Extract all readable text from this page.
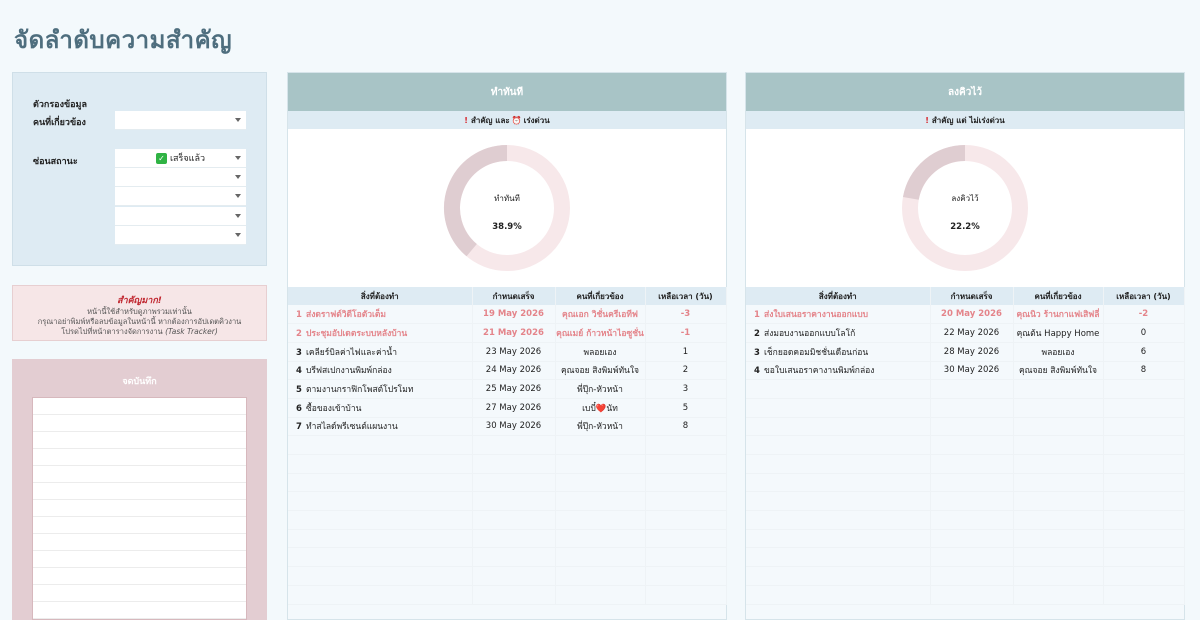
จัดลำดับความสำคัญ
ตัวกรองข้อมูล
คนที่เกี่ยวข้อง
ซ่อนสถานะ	✓ เสร็จแล้ว
สำคัญมาก!
หน้านี้ใช้สำหรับดูภาพรวมเท่านั้น
กรุณาอย่าพิมพ์หรือลบข้อมูลในหน้านี้ หากต้องการอัปเดตคิวงาน
โปรดไปที่หน้าตารางจัดการงาน (Task Tracker)
จดบันทึก
ทำทันที
! สำคัญ และ ⏰ เร่งด่วน
ทำทันที
38.9%
สิ่งที่ต้องทำ	กำหนดเสร็จ	คนที่เกี่ยวข้อง	เหลือเวลา (วัน)
1 ส่งดราฟต์วิดีโอตัวเต็ม	19 May 2026	คุณเอก วิชั่นครีเอทีฟ	-3
2 ประชุมอัปเดตระบบหลังบ้าน	21 May 2026	คุณเมย์ ก้าวหน้าไอซูชั่น	-1
3 เคลียร์บิลค่าไฟและค่าน้ำ	23 May 2026	พลอยเอง	1
4 บรีฟสเปกงานพิมพ์กล่อง	24 May 2026	คุณจอย สิงพิมพ์ทันใจ	2
5 ตามงานกราฟิกโพสต์โปรโมท	25 May 2026	พี่ปุ๊ก-หัวหน้า	3
6 ซื้อของเข้าบ้าน	27 May 2026	เบบี๋❤️นัท	5
7 ทำสไลด์พรีเซนต์แผนงาน	30 May 2026	พี่ปุ๊ก-หัวหน้า	8

ลงคิวไว้
! สำคัญ แต่ ไม่เร่งด่วน
ลงคิวไว้
22.2%
สิ่งที่ต้องทำ	กำหนดเสร็จ	คนที่เกี่ยวข้อง	เหลือเวลา (วัน)
1 ส่งใบเสนอราคางานออกแบบ	20 May 2026	คุณนิว ร้านกาแฟเสิฟลี่	-2
2 ส่งมอบงานออกแบบโลโก้	22 May 2026	คุณต้น Happy Home	0
3 เช็กยอดคอมมิชชั่นเดือนก่อน	28 May 2026	พลอยเอง	6
4 ขอใบเสนอราคางานพิมพ์กล่อง	30 May 2026	คุณจอย สิงพิมพ์ทันใจ	8
